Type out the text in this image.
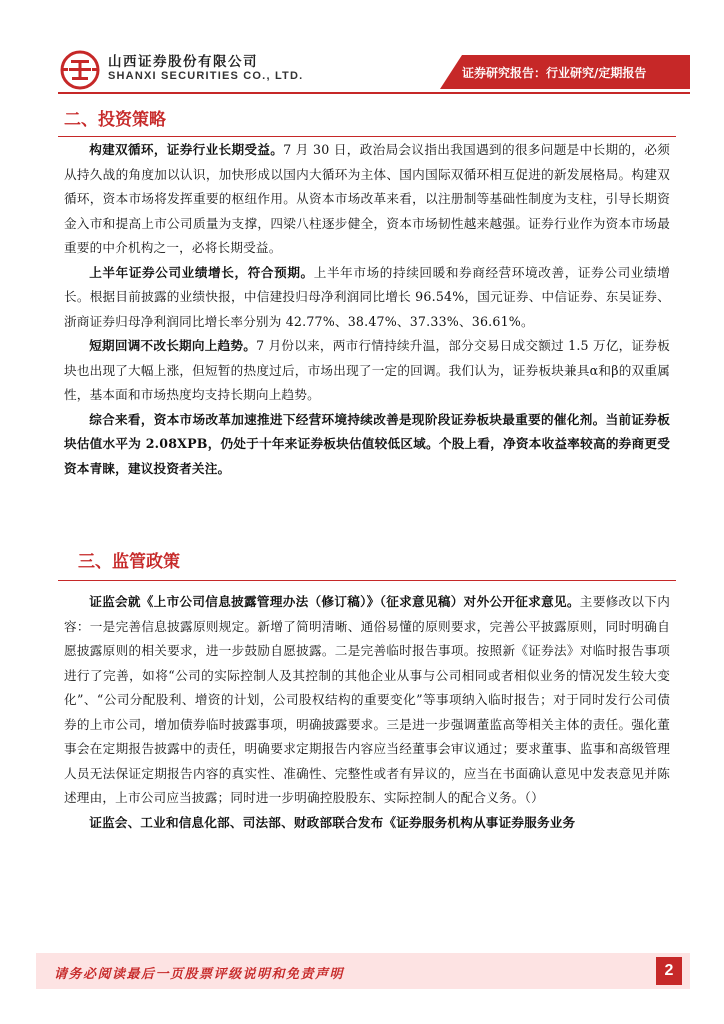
山西证券股份有限公司
SHANXI SECURITIES CO., LTD.	证券研究报告：行业研究/定期报告
二、投资策略

构建双循环，证券行业长期受益。7 月 30 日，政治局会议指出我国遇到的很多问题是中长期的，必须从持久战的角度加以认识，加快形成以国内大循环为主体、国内国际双循环相互促进的新发展格局。构建双循环，资本市场将发挥重要的枢纽作用。从资本市场改革来看，以注册制等基础性制度为支柱，引导长期资金入市和提高上市公司质量为支撑，四梁八柱逐步健全，资本市场韧性越来越强。证券行业作为资本市场最重要的中介机构之一，必将长期受益。

上半年证券公司业绩增长，符合预期。上半年市场的持续回暖和券商经营环境改善，证券公司业绩增长。根据目前披露的业绩快报，中信建投归母净利润同比增长 96.54%，国元证券、中信证券、东吴证券、浙商证券归母净利润同比增长率分别为 42.77%、38.47%、37.33%、36.61%。

短期回调不改长期向上趋势。7 月份以来，两市行情持续升温，部分交易日成交额过 1.5 万亿，证券板块也出现了大幅上涨，但短暂的热度过后，市场出现了一定的回调。我们认为，证券板块兼具α和β的双重属性，基本面和市场热度均支持长期向上趋势。

综合来看，资本市场改革加速推进下经营环境持续改善是现阶段证券板块最重要的催化剂。当前证券板块估值水平为 2.08XPB，仍处于十年来证券板块估值较低区域。个股上看，净资本收益率较高的券商更受资本青睐，建议投资者关注。

三、监管政策

证监会就《上市公司信息披露管理办法（修订稿）》（征求意见稿）对外公开征求意见。主要修改以下内容：一是完善信息披露原则规定。新增了简明清晰、通俗易懂的原则要求，完善公平披露原则，同时明确自愿披露原则的相关要求，进一步鼓励自愿披露。二是完善临时报告事项。按照新《证券法》对临时报告事项进行了完善，如将“公司的实际控制人及其控制的其他企业从事与公司相同或者相似业务的情况发生较大变化”、“公司分配股利、增资的计划，公司股权结构的重要变化”等事项纳入临时报告；对于同时发行公司债券的上市公司，增加债券临时披露事项，明确披露要求。三是进一步强调董监高等相关主体的责任。强化董事会在定期报告披露中的责任，明确要求定期报告内容应当经董事会审议通过；要求董事、监事和高级管理人员无法保证定期报告内容的真实性、准确性、完整性或者有异议的，应当在书面确认意见中发表意见并陈述理由，上市公司应当披露；同时进一步明确控股股东、实际控制人的配合义务。（）

证监会、工业和信息化部、司法部、财政部联合发布《证券服务机构从事证券服务业务

请务必阅读最后一页股票评级说明和免责声明	2
